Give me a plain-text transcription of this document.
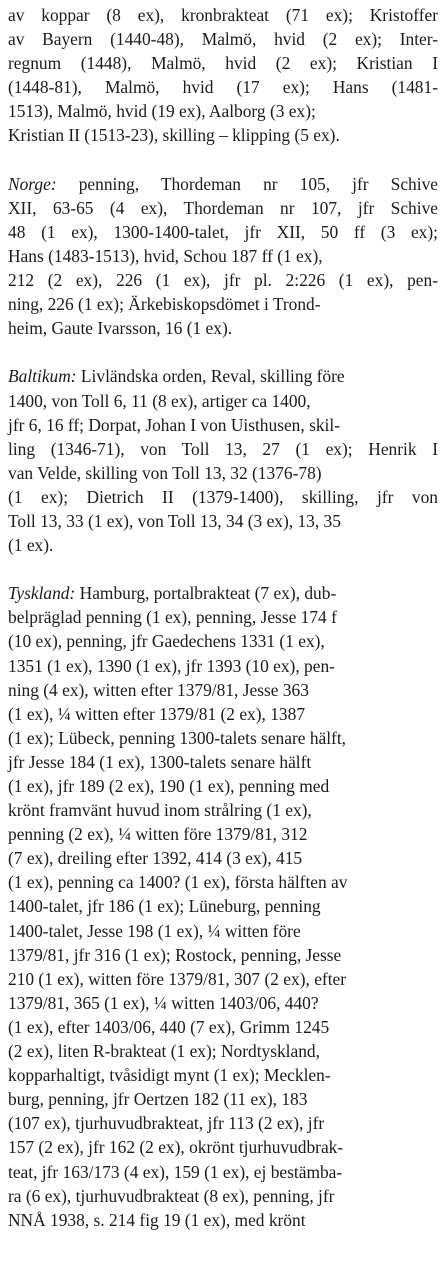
av koppar (8 ex), kronbrakteat (71 ex); Kristoffer
av Bayern (1440-48), Malmö, hvid (2 ex); Inter-
regnum (1448), Malmö, hvid (2 ex); Kristian I
(1448-81), Malmö, hvid (17 ex); Hans (1481-
1513), Malmö, hvid (19 ex), Aalborg (3 ex);
Kristian II (1513-23), skilling – klipping (5 ex).
Norge: penning, Thordeman nr 105, jfr Schive
XII, 63-65 (4 ex), Thordeman nr 107, jfr Schive
48 (1 ex), 1300-1400-talet, jfr XII, 50 ff (3 ex);
Hans (1483-1513), hvid, Schou 187 ff (1 ex),
212 (2 ex), 226 (1 ex), jfr pl. 2:226 (1 ex), pen-
ning, 226 (1 ex); Ärkebiskopsdömet i Trond-
heim, Gaute Ivarsson, 16 (1 ex).
Baltikum: Livländska orden, Reval, skilling före
1400, von Toll 6, 11 (8 ex), artiger ca 1400,
jfr 6, 16 ff; Dorpat, Johan I von Uisthusen, skil-
ling (1346-71), von Toll 13, 27 (1 ex); Henrik I
van Velde, skilling von Toll 13, 32 (1376-78)
(1 ex); Dietrich II (1379-1400), skilling, jfr von
Toll 13, 33 (1 ex), von Toll 13, 34 (3 ex), 13, 35
(1 ex).
Tyskland: Hamburg, portalbrakteat (7 ex), dub-
belpräglad penning (1 ex), penning, Jesse 174 f
(10 ex), penning, jfr Gaedechens 1331 (1 ex),
1351 (1 ex), 1390 (1 ex), jfr 1393 (10 ex), pen-
ning (4 ex), witten efter 1379/81, Jesse 363
(1 ex), ¼ witten efter 1379/81 (2 ex), 1387
(1 ex); Lübeck, penning 1300-talets senare hälft,
jfr Jesse 184 (1 ex), 1300-talets senare hälft
(1 ex), jfr 189 (2 ex), 190 (1 ex), penning med
krönt framvänt huvud inom strålring (1 ex),
penning (2 ex), ¼ witten före 1379/81, 312
(7 ex), dreiling efter 1392, 414 (3 ex), 415
(1 ex), penning ca 1400? (1 ex), första hälften av
1400-talet, jfr 186 (1 ex); Lüneburg, penning
1400-talet, Jesse 198 (1 ex), ¼ witten före
1379/81, jfr 316 (1 ex); Rostock, penning, Jesse
210 (1 ex), witten före 1379/81, 307 (2 ex), efter
1379/81, 365 (1 ex), ¼ witten 1403/06, 440?
(1 ex), efter 1403/06, 440 (7 ex), Grimm 1245
(2 ex), liten R-brakteat (1 ex); Nordtyskland,
kopparhaltigt, tvåsidigt mynt (1 ex); Mecklen-
burg, penning, jfr Oertzen 182 (11 ex), 183
(107 ex), tjurhuvudbrakteat, jfr 113 (2 ex), jfr
157 (2 ex), jfr 162 (2 ex), okrönt tjurhuvudbrak-
teat, jfr 163/173 (4 ex), 159 (1 ex), ej bestämba-
ra (6 ex), tjurhuvudbrakteat (8 ex), penning, jfr
NNÅ 1938, s. 214 fig 19 (1 ex), med krönt
